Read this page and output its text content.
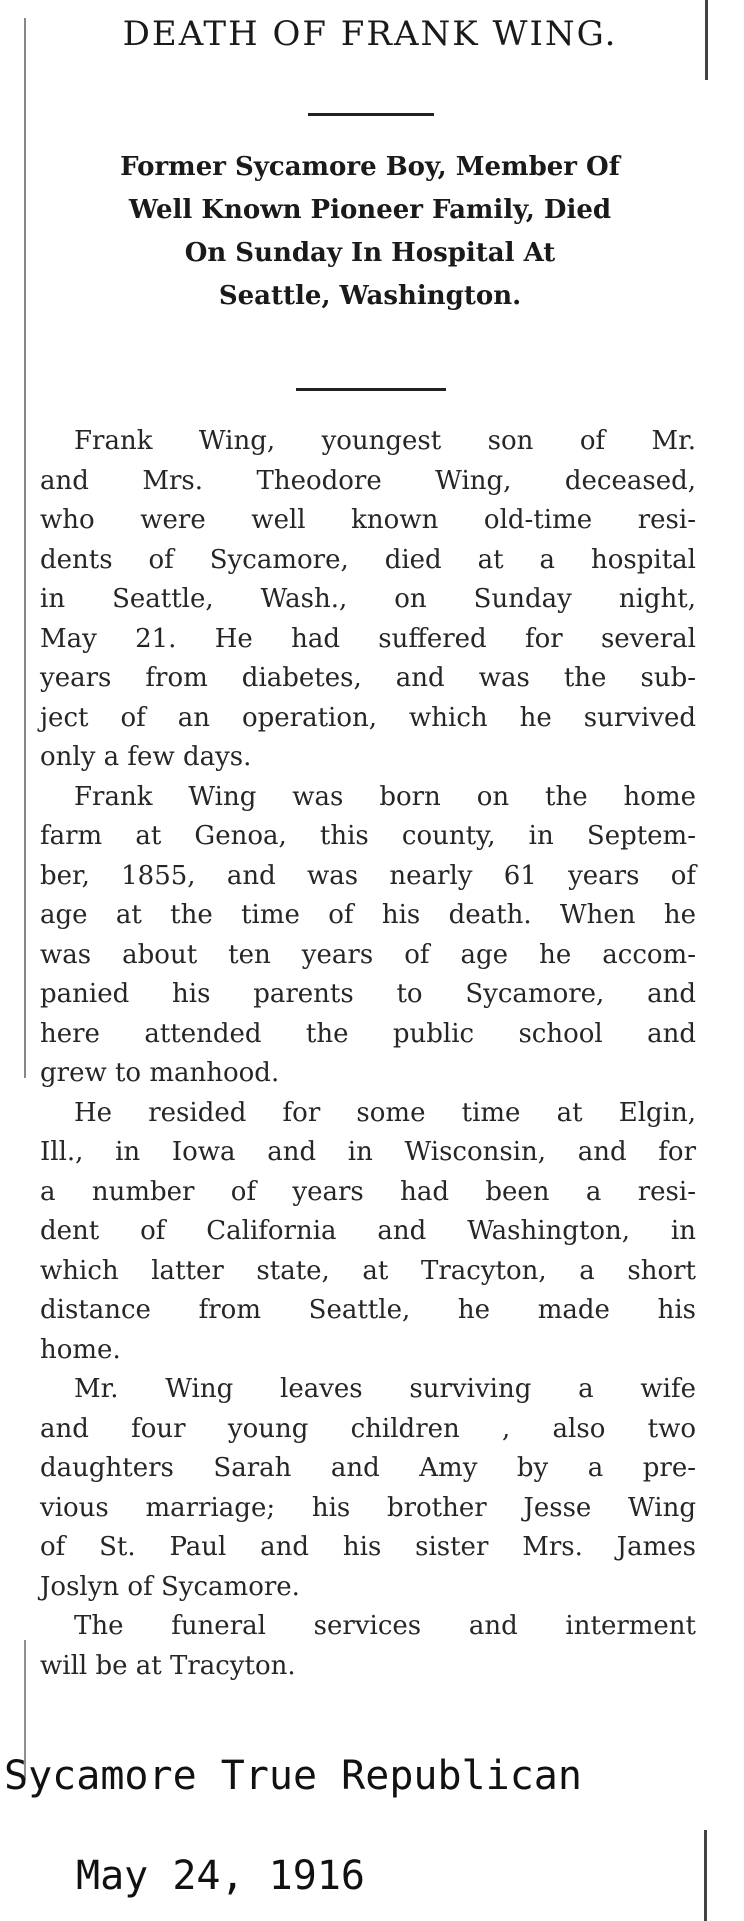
DEATH OF FRANK WING.
Former Sycamore Boy, Member Of
Well Known Pioneer Family, Died
On Sunday In Hospital At
Seattle, Washington.

Frank Wing, youngest son of Mr.
and Mrs. Theodore Wing, deceased,
who were well known old-time resi-
dents of Sycamore, died at a hospital
in Seattle, Wash., on Sunday night,
May 21. He had suffered for several
years from diabetes, and was the sub-
ject of an operation, which he survived
only a few days.

Frank Wing was born on the home
farm at Genoa, this county, in Septem-
ber, 1855, and was nearly 61 years of
age at the time of his death. When he
was about ten years of age he accom-
panied his parents to Sycamore, and
here attended the public school and
grew to manhood.

He resided for some time at Elgin,
Ill., in Iowa and in Wisconsin, and for
a number of years had been a resi-
dent of California and Washington, in
which latter state, at Tracyton, a short
distance from Seattle, he made his
home.

Mr. Wing leaves surviving a wife
and four young children , also two
daughters Sarah and Amy by a pre-
vious marriage; his brother Jesse Wing
of St. Paul and his sister Mrs. James
Joslyn of Sycamore.

The funeral services and interment
will be at Tracyton.

Sycamore True Republican

May 24, 1916
